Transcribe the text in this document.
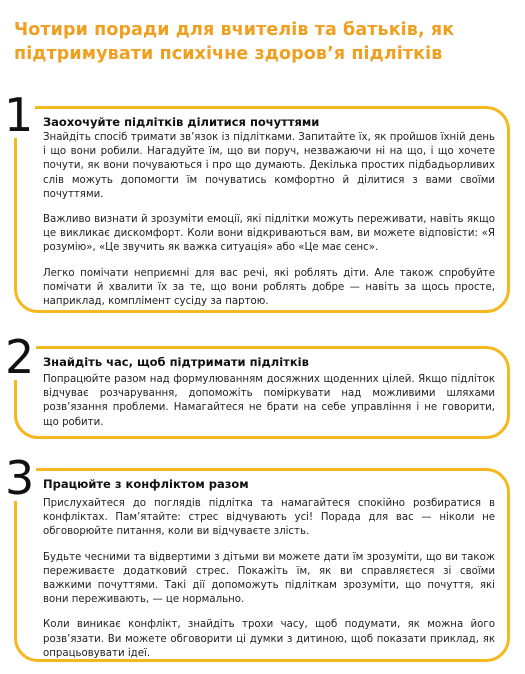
Чотири поради для вчителів та батьків, як підтримувати психічне здоров’я підлітків
Заохочуйте підлітків ділитися почуттями

Знайдіть спосіб тримати зв’язок із підлітками. Запитайте їх, як пройшов їхній день і що вони робили. Нагадуйте їм, що ви поруч, незважаючи ні на що, і що хочете почути, як вони почуваються і про що думають. Декілька простих підбадьорливих слів можуть допомогти їм почуватись комфортно й ділитися з вами своїми почуттями.

Важливо визнати й зрозуміти емоції, які підлітки можуть переживати, навіть якщо це викликає дискомфорт. Коли вони відкриваються вам, ви можете відповісти: «Я розумію», «Це звучить як важка ситуація» або «Це має сенс».

Легко помічати неприємні для вас речі, які роблять діти. Але також спробуйте помічати й хвалити їх за те, що вони роблять добре — навіть за щось просте, наприклад, комплімент сусіду за партою.

1
Знайдіть час, щоб підтримати підлітків

Попрацюйте разом над формулюванням досяжних щоденних цілей. Якщо підліток відчуває розчарування, допоможіть поміркувати над можливими шляхами розв’язання проблеми. Намагайтеся не брати на себе управління і не говорити, що робити.

2
Працюйте з конфліктом разом

Прислухайтеся до поглядів підлітка та намагайтеся спокійно розбиратися в конфліктах. Пам’ятайте: стрес відчувають усі! Порада для вас — ніколи не обговорюйте питання, коли ви відчуваєте злість.

Будьте чесними та відвертими з дітьми ви можете дати їм зрозуміти, що ви також переживаєте додатковий стрес. Покажіть їм, як ви справляєтеся зі своїми важкими почуттями. Такі дії допоможуть підліткам зрозуміти, що почуття, які вони переживають, — це нормально.

Коли виникає конфлікт, знайдіть трохи часу, щоб подумати, як можна його розв’язати. Ви можете обговорити ці думки з дитиною, щоб показати приклад, як опрацьовувати ідеї.

3
